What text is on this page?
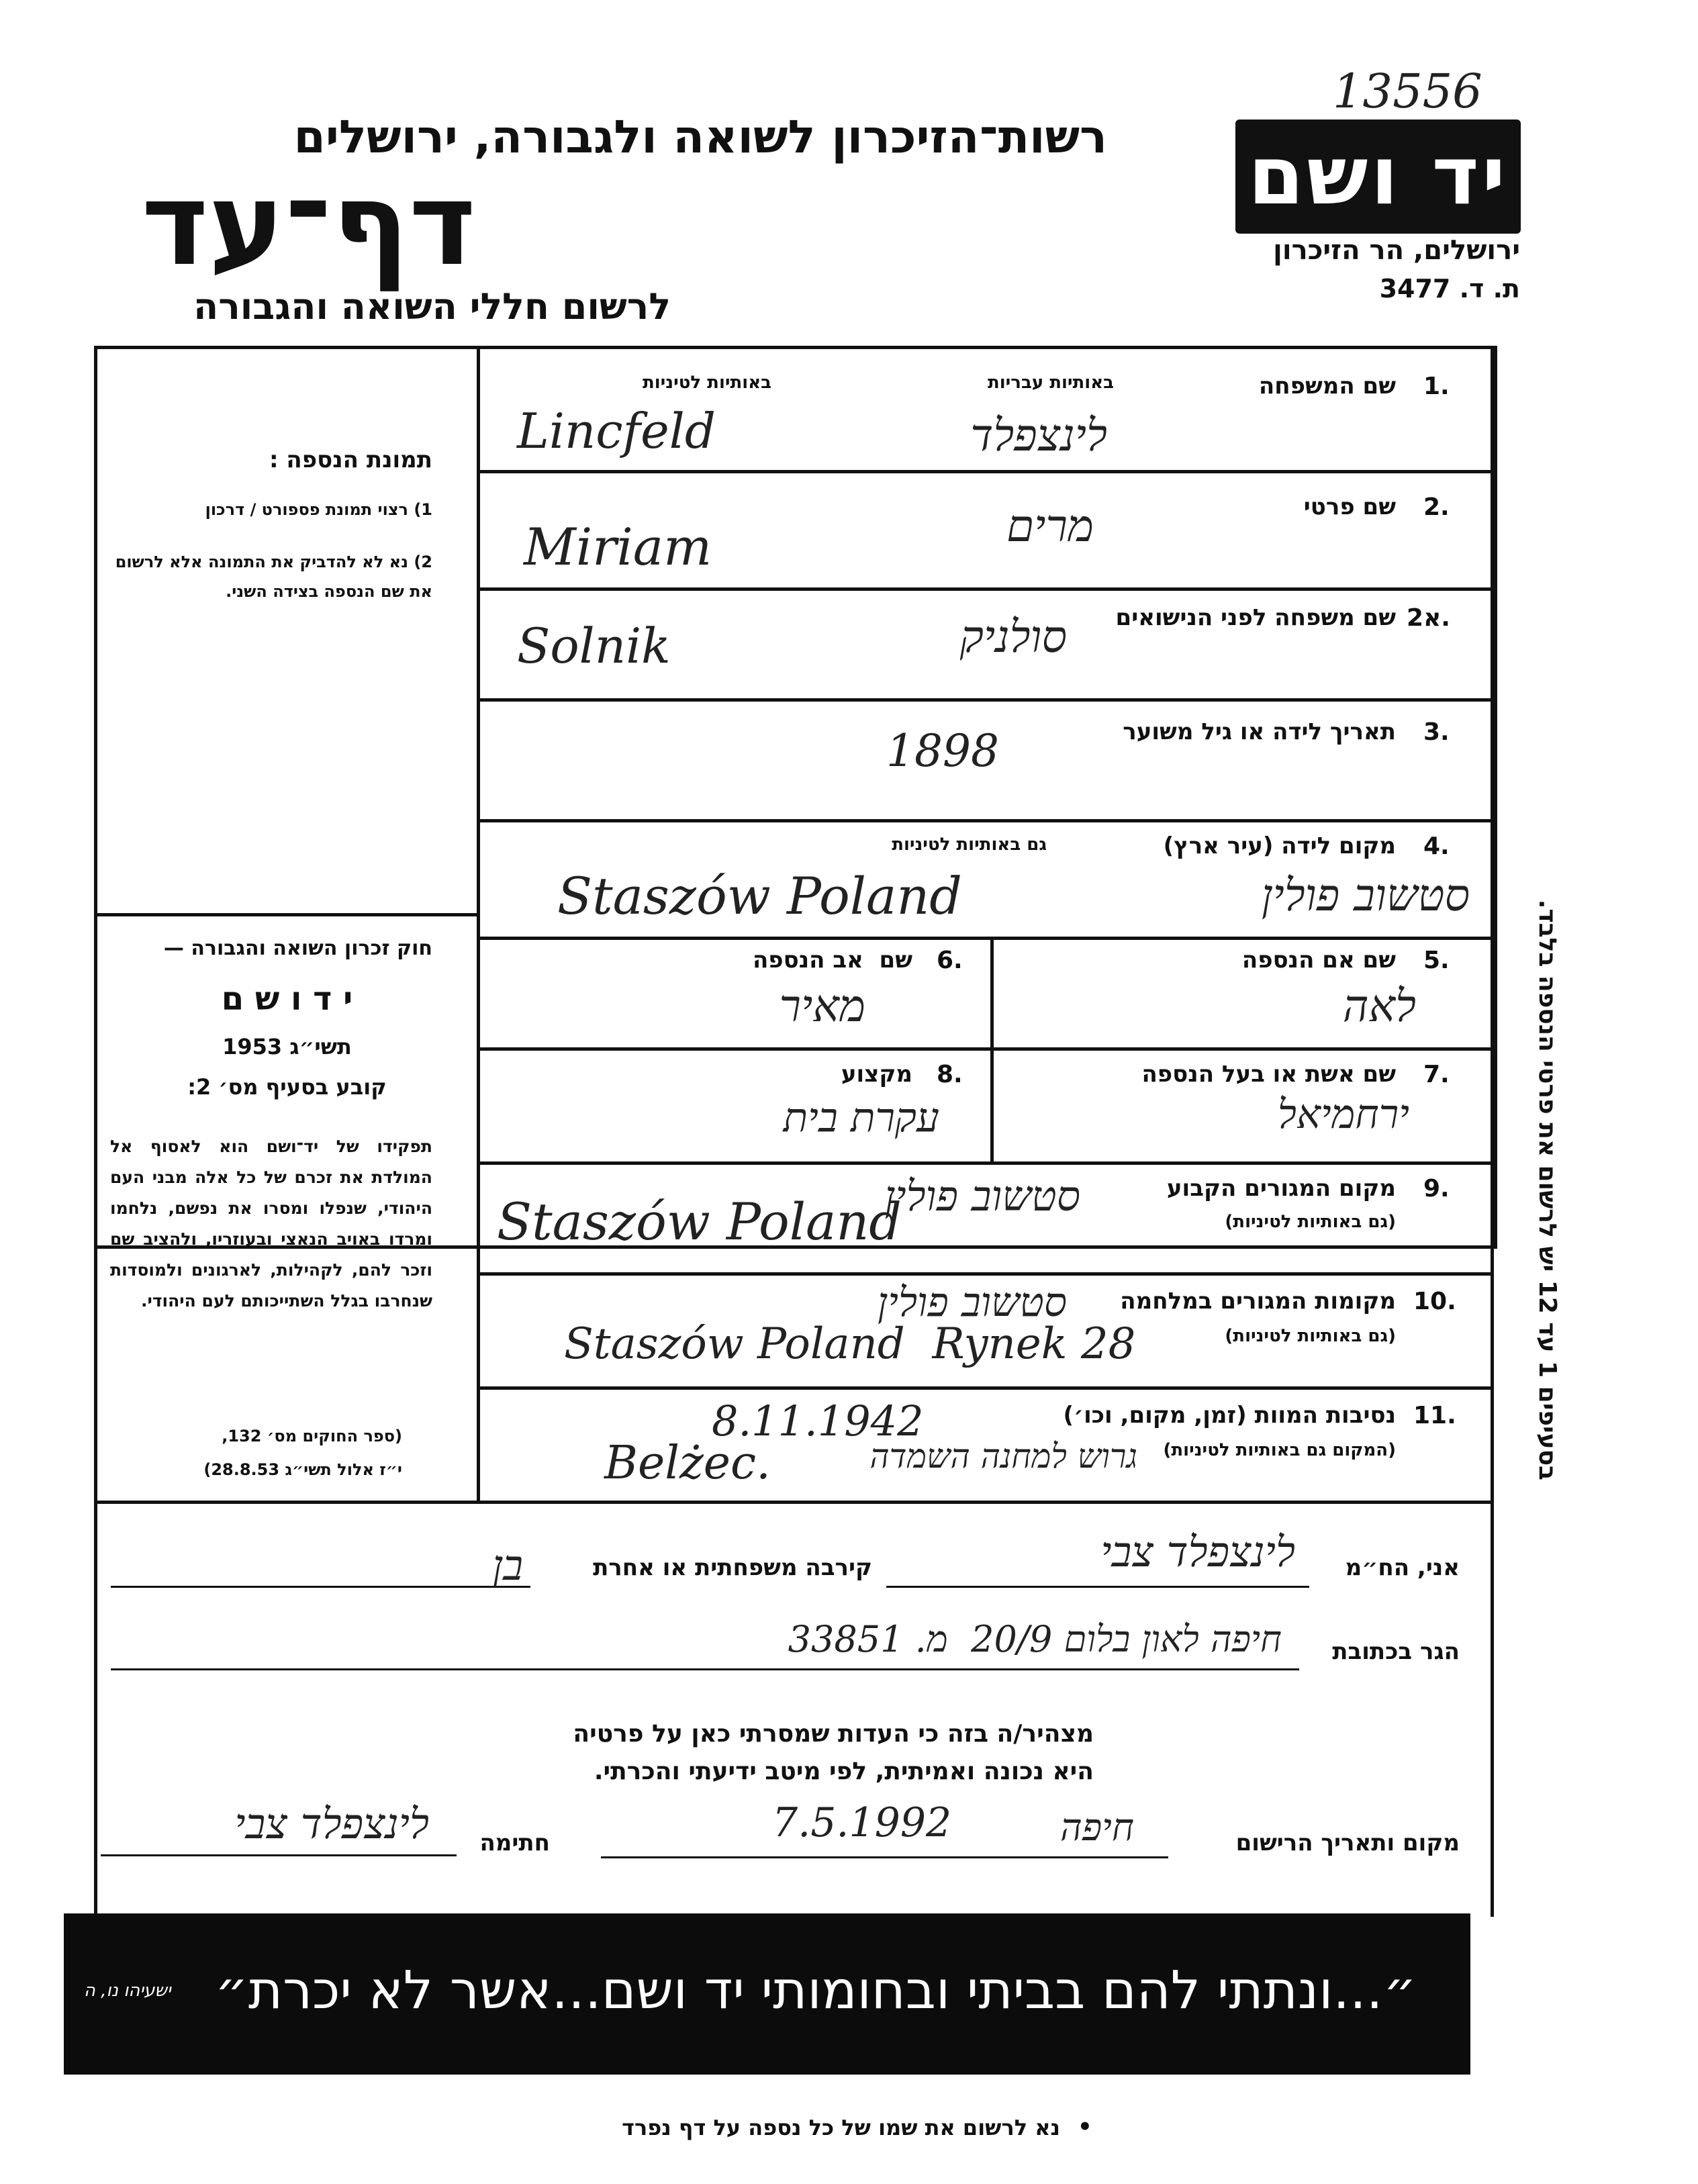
13556
יד ושם
ירושלים, הר הזיכרון
ת. ד. 3477
רשות־הזיכרון לשואה ולגבורה, ירושלים
דף־עד
לרשום חללי השואה והגבורה
בסעיפים 1 עד 12 יש לרשום את פרטי הנספה בלבד.
תמונת הנספה :
1) רצוי תמונת פספורט / דרכון
2) נא לא להדביק את התמונה אלא לרשום את שם הנספה בצידה השני.
חוק זכרון השואה והגבורה —
י ד ו ש ם
תשי״ג 1953
קובע בסעיף מס׳ 2:
תפקידו של יד־ושם הוא לאסוף אל המולדת את זכרם של כל אלה מבני העם היהודי, שנפלו ומסרו את נפשם, נלחמו ומרדו באויב הנאצי ובעוזריו, ולהציב שם וזכר להם, לקהילות, לארגונים ולמוסדות שנחרבו בגלל השתייכותם לעם היהודי.
(ספר החוקים מס׳ 132,
י״ז אלול תשי״ג 28.8.53)
1.
שם המשפחה
באותיות עבריות
באותיות לטיניות
Lincfeld	לינצפלד
2.
שם פרטי
Miriam	מרים
2א.
שם משפחה לפני הנישואים
Solnik	סולניק
3.
תאריך לידה או גיל משוער
1898
4.
מקום לידה (עיר ארץ)
גם באותיות לטיניות
Staszów Poland	סטשוב פולין
5.
שם אם הנספה
לאה
6.
שם  אב הנספה
מאיר
7.
שם אשת או בעל הנספה
ירחמיאל
8.
מקצוע
עקרת בית
9.
מקום המגורים הקבוע
(גם באותיות לטיניות)
Staszów Poland
סטשוב פולין
10.
מקומות המגורים במלחמה
(גם באותיות לטיניות)
Staszów Poland  Rynek 28
סטשוב פולין
11.
נסיבות המוות (זמן, מקום, וכו׳)
(המקום גם באותיות לטיניות)
8.11.1942
Belżec.	גרוש למחנה השמדה
אני, הח״מ
לינצפלד צבי
קירבה משפחתית או אחרת
בן
הגר בכתובת
חיפה לאון בלום 20/9  מ. 33851
מצהיר/ה בזה כי העדות שמסרתי כאן על פרטיה
היא נכונה ואמיתית, לפי מיטב ידיעתי והכרתי.
מקום ותאריך הרישום
חיפה
7.5.1992
חתימה
לינצפלד צבי
״...ונתתי להם בביתי ובחומותי יד ושם...אשר לא יכרת״
ישעיהו נו, ה
•
נא לרשום את שמו של כל נספה על דף נפרד
